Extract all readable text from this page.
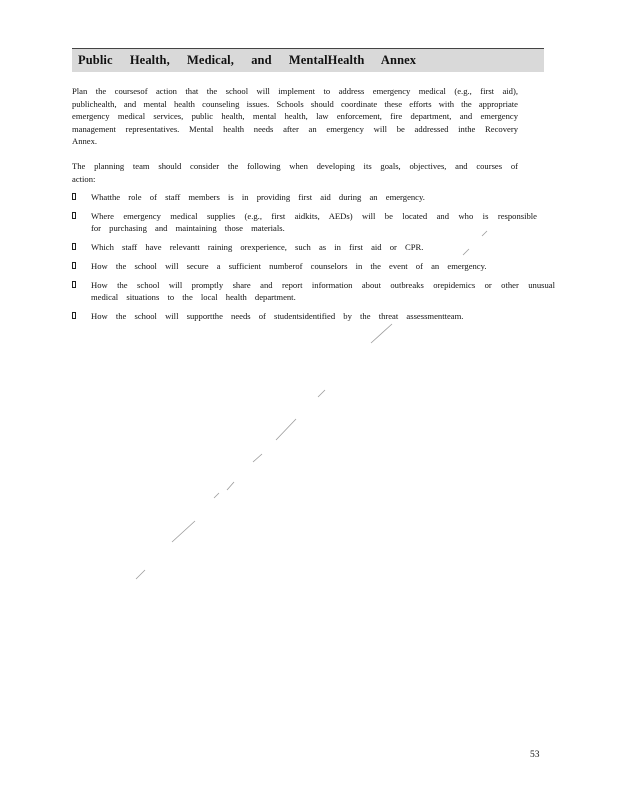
Public Health, Medical, and MentalHealth Annex

Plan the coursesof action that the school will implement to address emergency medical (e.g., first aid), publichealth, and mental health counseling issues. Schools should coordinate these efforts with the appropriate emergency medical services, public health, mental health, law enforcement, fire department, and emergency management representatives. Mental health needs after an emergency will be addressed inthe Recovery Annex.

The planning team should consider the following when developing its goals, objectives, and courses of action:

Whatthe role of staff members is in providing first aid during an emergency.
Where emergency medical supplies (e.g., first aidkits, AEDs) will be located and who is responsible for purchasing and maintaining those materials.
Which staff have relevantt raining orexperience, such as in first aid or CPR.
How the school will secure a sufficient numberof counselors in the event of an emergency.
How the school will promptly share and report information about outbreaks orepidemics or other unusual medical situations to the local health department.
How the school will supportthe needs of studentsidentified by the threat assessmentteam.
53
